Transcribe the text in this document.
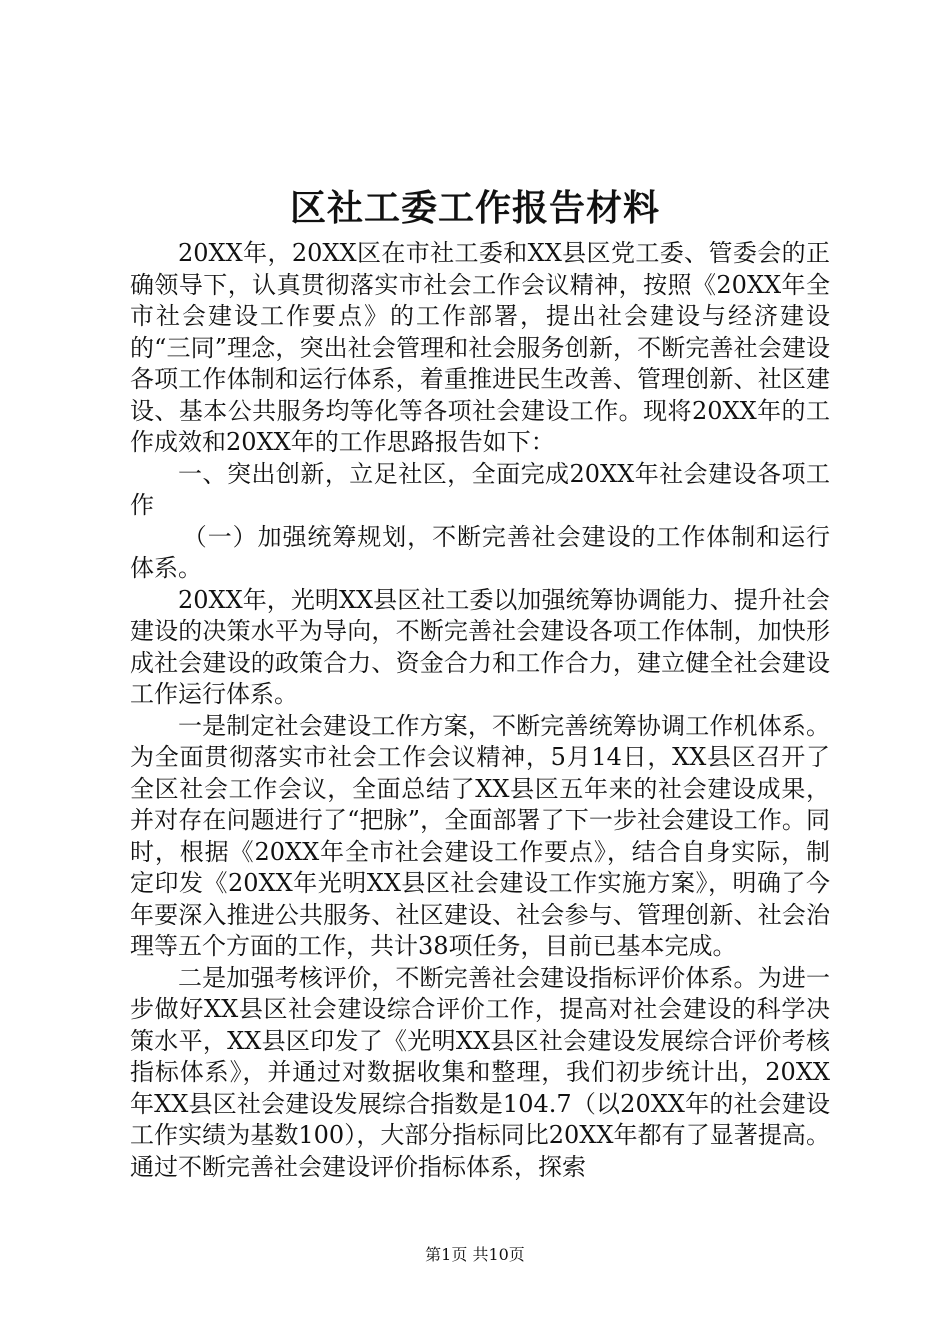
区社工委工作报告材料

20XX年，20XX区在市社工委和XX县区党工委、管委会的正确领导下，认真贯彻落实市社会工作会议精神，按照《20XX年全市社会建设工作要点》的工作部署，提出社会建设与经济建设的“三同”理念，突出社会管理和社会服务创新，不断完善社会建设各项工作体制和运行体系，着重推进民生改善、管理创新、社区建设、基本公共服务均等化等各项社会建设工作。现将20XX年的工作成效和20XX年的工作思路报告如下：

一、突出创新，立足社区，全面完成20XX年社会建设各项工作

（一）加强统筹规划，不断完善社会建设的工作体制和运行体系。

20XX年，光明XX县区社工委以加强统筹协调能力、提升社会建设的决策水平为导向，不断完善社会建设各项工作体制，加快形成社会建设的政策合力、资金合力和工作合力，建立健全社会建设工作运行体系。

一是制定社会建设工作方案，不断完善统筹协调工作机体系。为全面贯彻落实市社会工作会议精神，5月14日，XX县区召开了全区社会工作会议，全面总结了XX县区五年来的社会建设成果，并对存在问题进行了“把脉”，全面部署了下一步社会建设工作。同时，根据《20XX年全市社会建设工作要点》，结合自身实际，制定印发《20XX年光明XX县区社会建设工作实施方案》，明确了今年要深入推进公共服务、社区建设、社会参与、管理创新、社会治理等五个方面的工作，共计38项任务，目前已基本完成。

二是加强考核评价，不断完善社会建设指标评价体系。为进一步做好XX县区社会建设综合评价工作，提高对社会建设的科学决策水平，XX县区印发了《光明XX县区社会建设发展综合评价考核指标体系》，并通过对数据收集和整理，我们初步统计出，20XX年XX县区社会建设发展综合指数是104.7（以20XX年的社会建设工作实绩为基数100），大部分指标同比20XX年都有了显著提高。通过不断完善社会建设评价指标体系，探索

第1页 共10页
